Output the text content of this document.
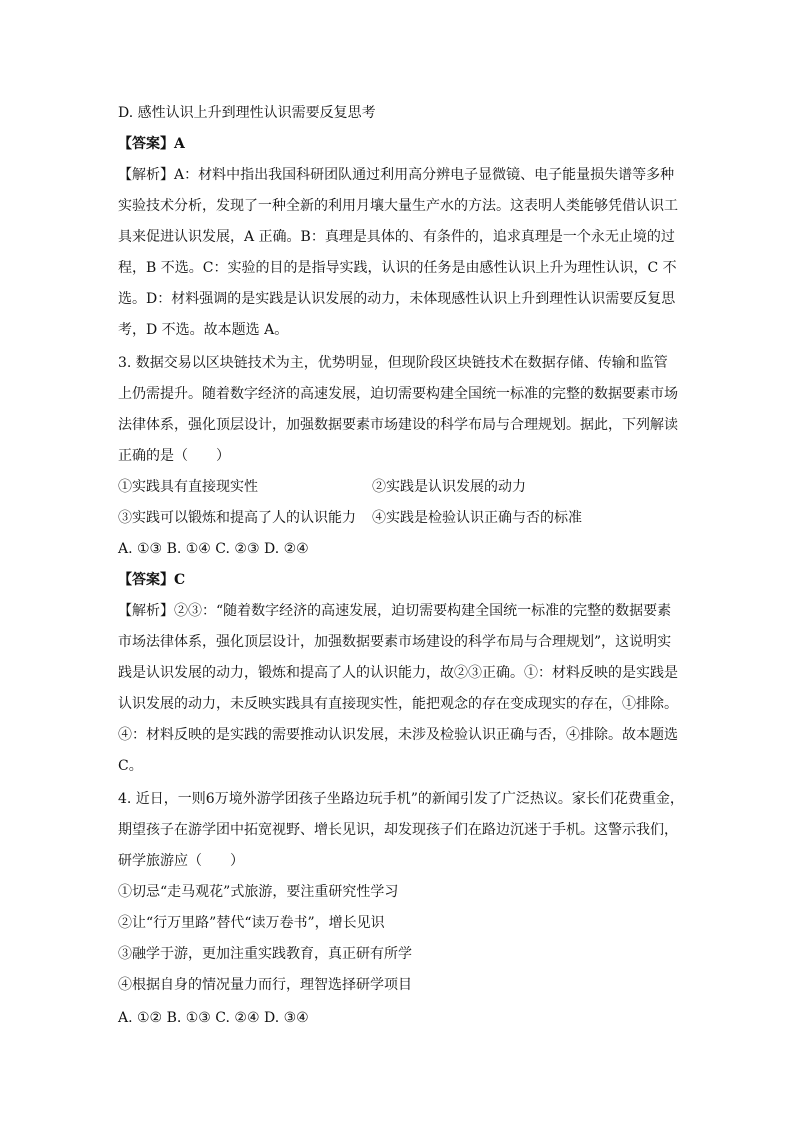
D. 感性认识上升到理性认识需要反复思考
【答案】A
【解析】A：材料中指出我国科研团队通过利用高分辨电子显微镜、电子能量损失谱等多种
实验技术分析，发现了一种全新的利用月壤大量生产水的方法。这表明人类能够凭借认识工
具来促进认识发展，A 正确。B：真理是具体的、有条件的，追求真理是一个永无止境的过
程，B 不选。C：实验的目的是指导实践，认识的任务是由感性认识上升为理性认识，C 不
选。D：材料强调的是实践是认识发展的动力，未体现感性认识上升到理性认识需要反复思
考，D 不选。故本题选 A。
3. 数据交易以区块链技术为主，优势明显，但现阶段区块链技术在数据存储、传输和监管
上仍需提升。随着数字经济的高速发展，迫切需要构建全国统一标准的完整的数据要素市场
法律体系，强化顶层设计，加强数据要素市场建设的科学布局与合理规划。据此，下列解读
正确的是（　　）
①实践具有直接现实性	②实践是认识发展的动力
③实践可以锻炼和提高了人的认识能力 ④实践是检验认识正确与否的标准
A. ①③ B. ①④ C. ②③ D. ②④
【答案】C
【解析】②③：“随着数字经济的高速发展，迫切需要构建全国统一标准的完整的数据要素
市场法律体系，强化顶层设计，加强数据要素市场建设的科学布局与合理规划”，这说明实
践是认识发展的动力，锻炼和提高了人的认识能力，故②③正确。①：材料反映的是实践是
认识发展的动力，未反映实践具有直接现实性，能把观念的存在变成现实的存在，①排除。
④：材料反映的是实践的需要推动认识发展，未涉及检验认识正确与否，④排除。故本题选
C。
4. 近日，一则6万境外游学团孩子坐路边玩手机”的新闻引发了广泛热议。家长们花费重金，
期望孩子在游学团中拓宽视野、增长见识，却发现孩子们在路边沉迷于手机。这警示我们，
研学旅游应（　　）
①切忌“走马观花”式旅游，要注重研究性学习
②让“行万里路”替代“读万卷书”，增长见识
③融学于游，更加注重实践教育，真正研有所学
④根据自身的情况量力而行，理智选择研学项目
A. ①② B. ①③ C. ②④ D. ③④
